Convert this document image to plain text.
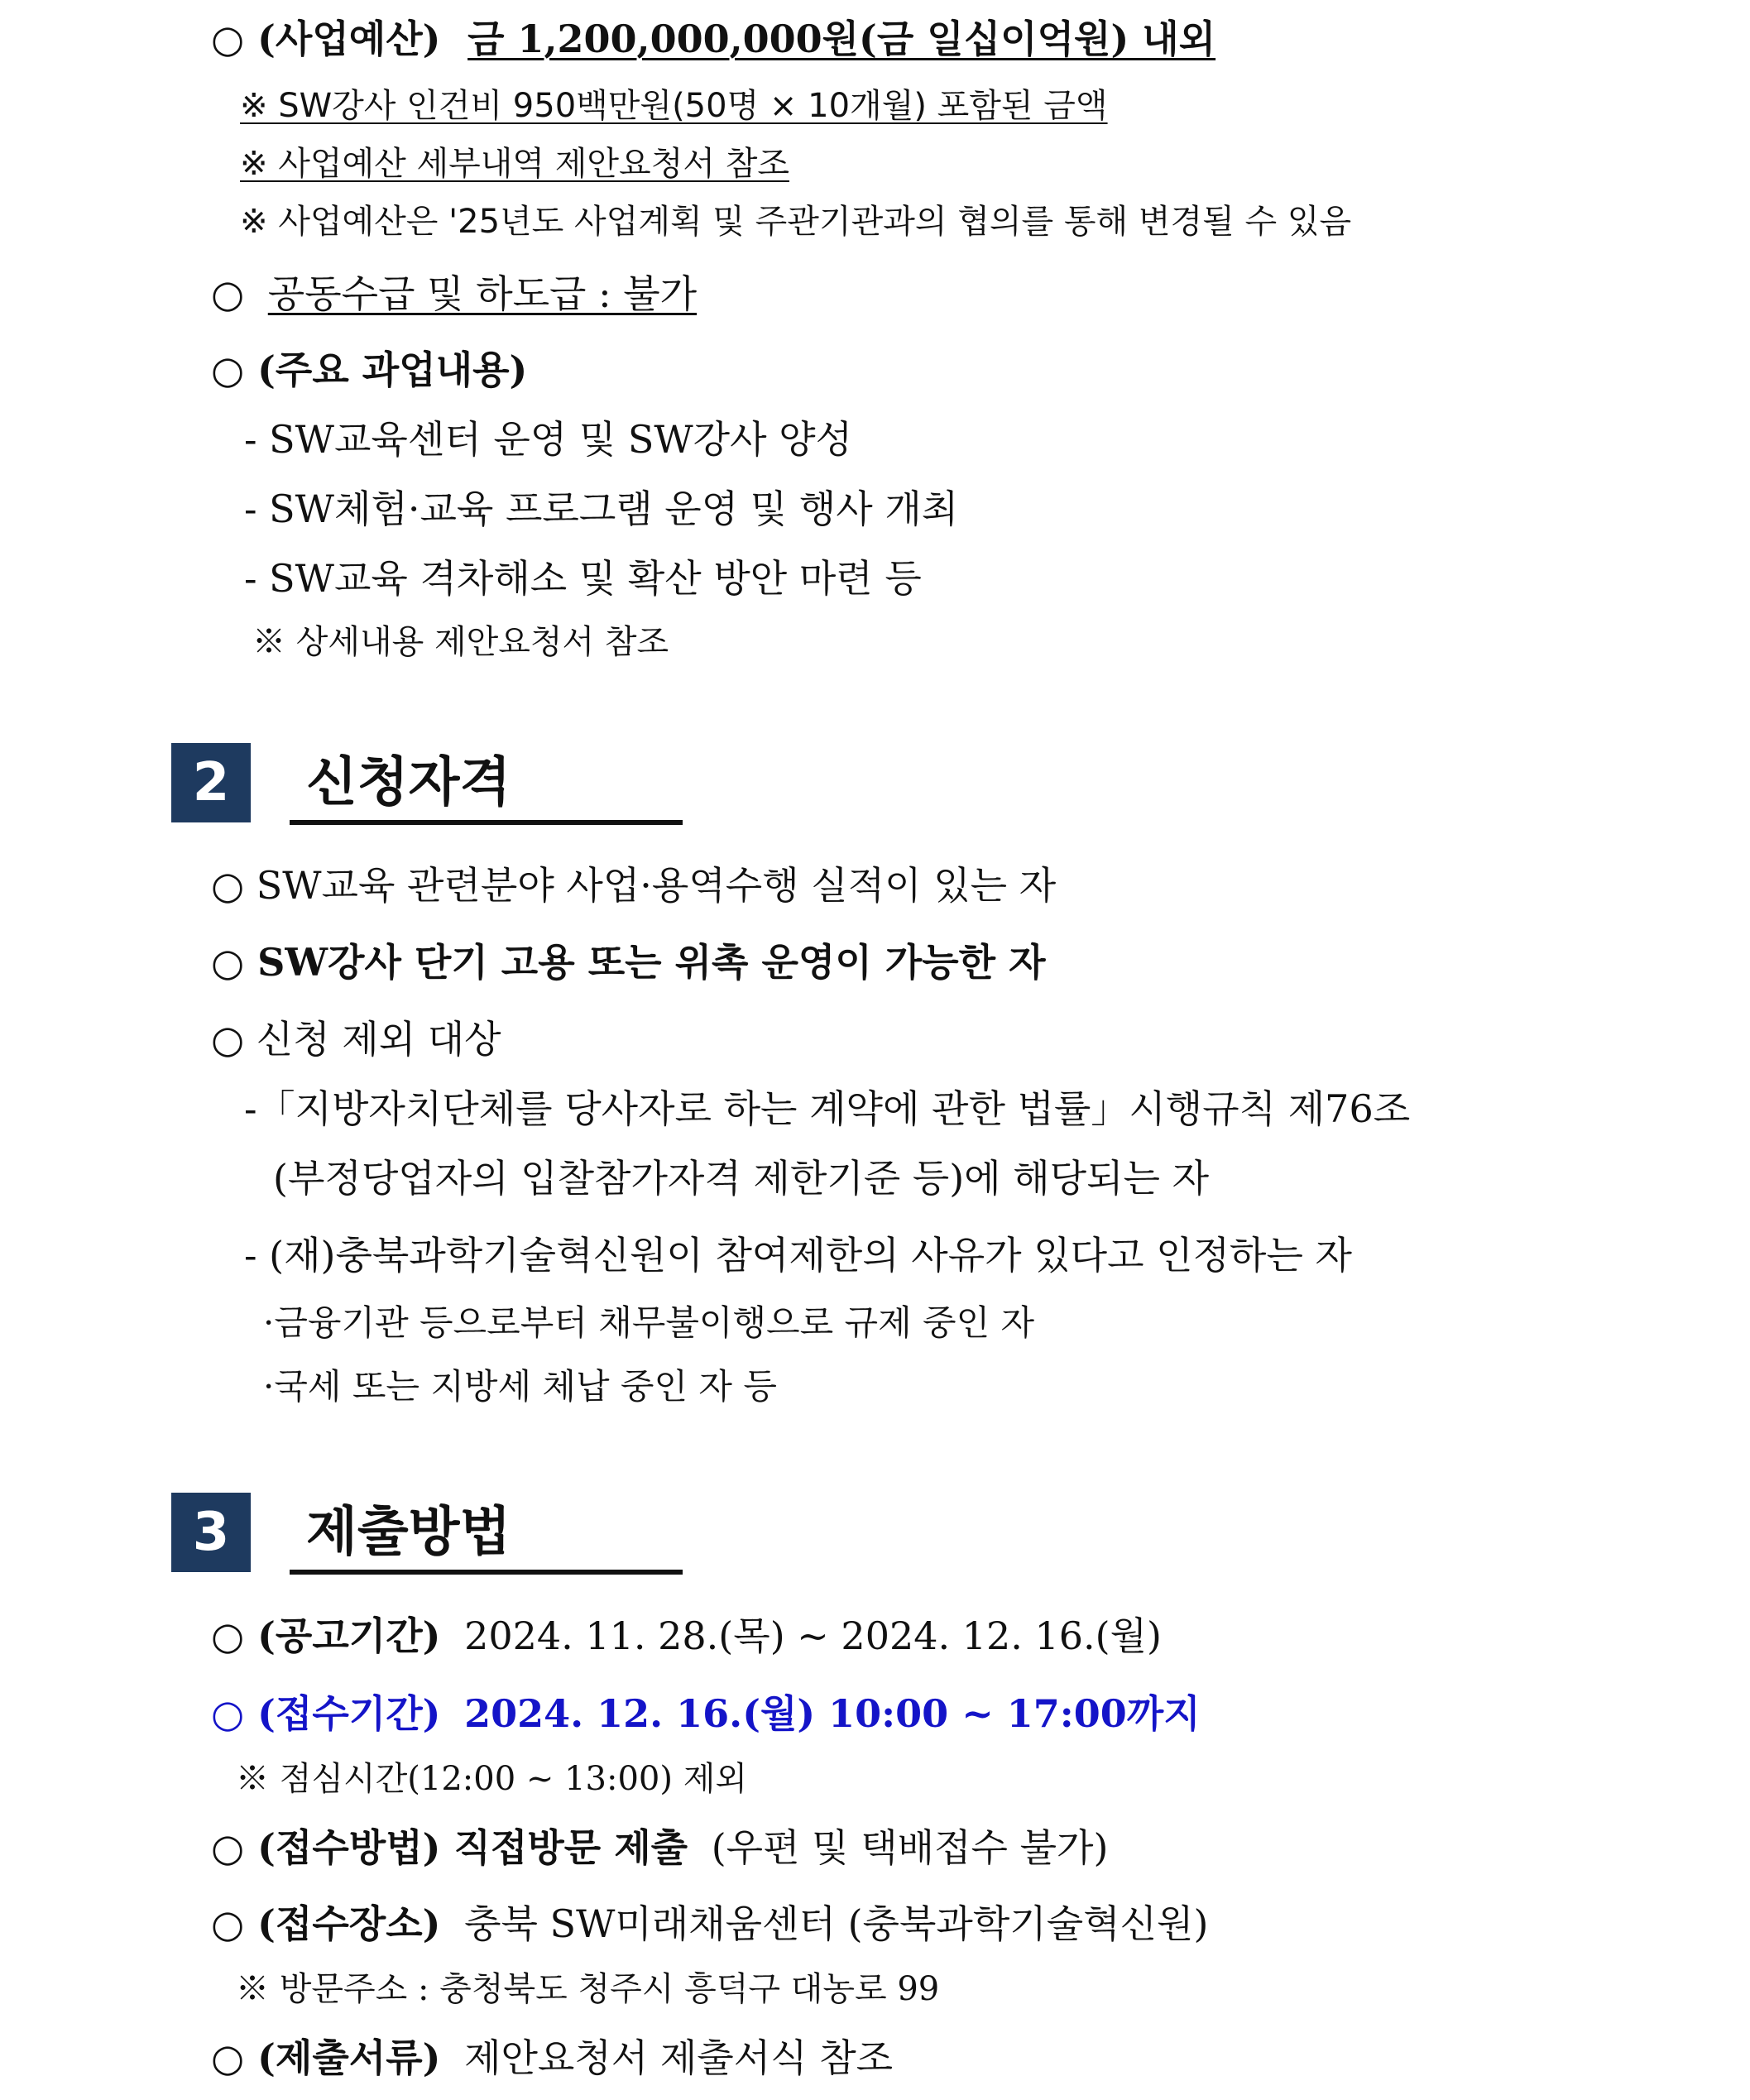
○ (사업예산) 금 1,200,000,000원(금 일십이억원) 내외
※ SW강사 인건비 950백만원(50명 × 10개월) 포함된 금액
※ 사업예산 세부내역 제안요청서 참조
※ 사업예산은 '25년도 사업계획 및 주관기관과의 협의를 통해 변경될 수 있음
○ 공동수급 및 하도급 : 불가
○ (주요 과업내용)
- SW교육센터 운영 및 SW강사 양성
- SW체험·교육 프로그램 운영 및 행사 개최
- SW교육 격차해소 및 확산 방안 마련 등
※ 상세내용 제안요청서 참조
2	신청자격
○ SW교육 관련분야 사업·용역수행 실적이 있는 자
○ SW강사 단기 고용 또는 위촉 운영이 가능한 자
○ 신청 제외 대상
-「지방자치단체를 당사자로 하는 계약에 관한 법률」시행규칙 제76조
(부정당업자의 입찰참가자격 제한기준 등)에 해당되는 자
- (재)충북과학기술혁신원이 참여제한의 사유가 있다고 인정하는 자
·금융기관 등으로부터 채무불이행으로 규제 중인 자
·국세 또는 지방세 체납 중인 자 등
3	제출방법
○ (공고기간) 2024. 11. 28.(목) ~ 2024. 12. 16.(월)
○ (접수기간) 2024. 12. 16.(월) 10:00 ~ 17:00까지
※ 점심시간(12:00 ~ 13:00) 제외
○ (접수방법) 직접방문 제출 (우편 및 택배접수 불가)
○ (접수장소) 충북 SW미래채움센터 (충북과학기술혁신원)
※ 방문주소 : 충청북도 청주시 흥덕구 대농로 99
○ (제출서류) 제안요청서 제출서식 참조
